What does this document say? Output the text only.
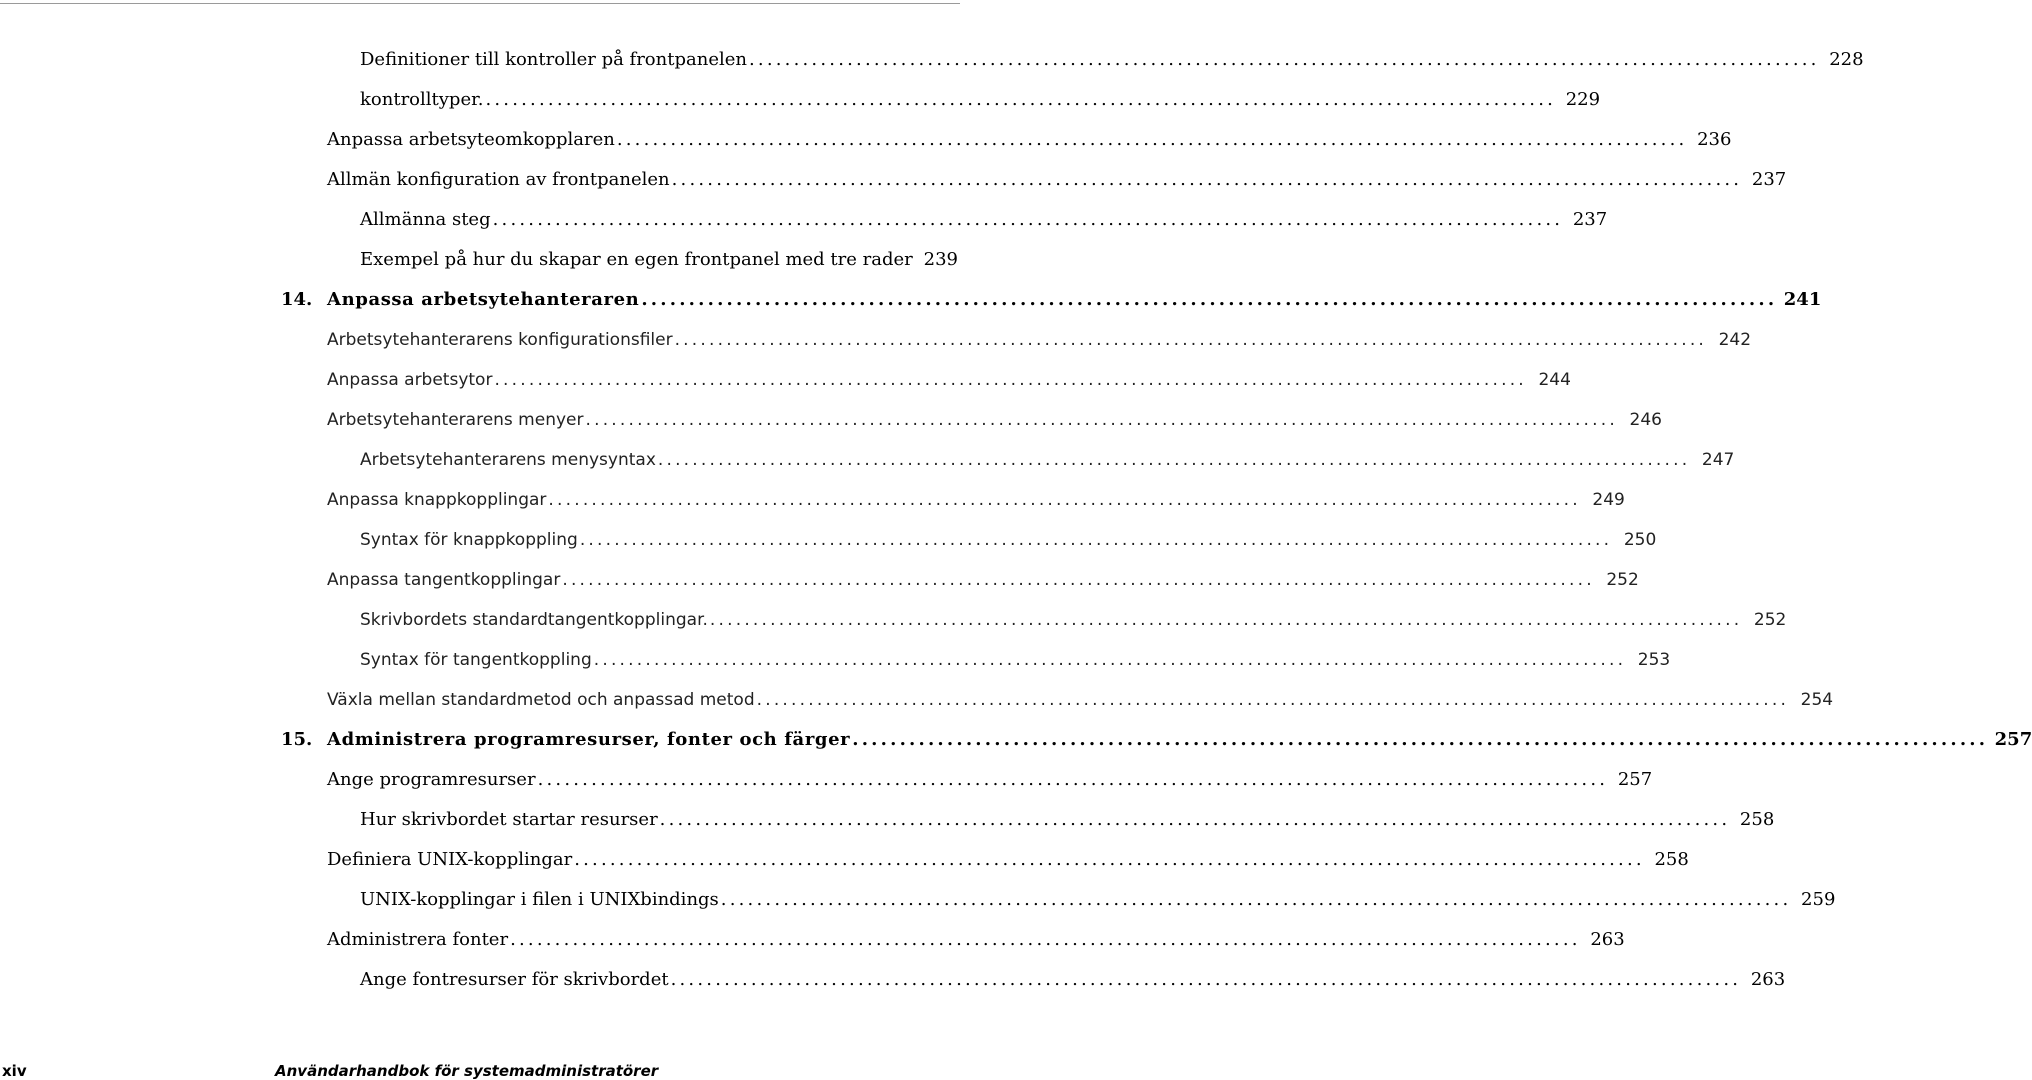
Definitioner till kontroller på frontpanelen ........................................................................................................................ 228
kontrolltyper. ........................................................................................................................ 229
Anpassa arbetsyteomkopplaren ........................................................................................................................ 236
Allmän konfiguration av frontpanelen ........................................................................................................................ 237
Allmänna steg ........................................................................................................................ 237
Exempel på hur du skapar en egen frontpanel med tre rader 239
14. Anpassa arbetsytehanteraren ........................................................................................................................ 241
Arbetsytehanterarens konfigurationsfiler ........................................................................................................................ 242
Anpassa arbetsytor ........................................................................................................................ 244
Arbetsytehanterarens menyer ........................................................................................................................ 246
Arbetsytehanterarens menysyntax ........................................................................................................................ 247
Anpassa knappkopplingar ........................................................................................................................ 249
Syntax för knappkoppling ........................................................................................................................ 250
Anpassa tangentkopplingar ........................................................................................................................ 252
Skrivbordets standardtangentkopplingar. ........................................................................................................................ 252
Syntax för tangentkoppling ........................................................................................................................ 253
Växla mellan standardmetod och anpassad metod ........................................................................................................................ 254
15. Administrera programresurser, fonter och färger ........................................................................................................................ 257
Ange programresurser ........................................................................................................................ 257
Hur skrivbordet startar resurser ........................................................................................................................ 258
Definiera UNIX-kopplingar ........................................................................................................................ 258
UNIX-kopplingar i filen i UNIXbindings ........................................................................................................................ 259
Administrera fonter ........................................................................................................................ 263
Ange fontresurser för skrivbordet ........................................................................................................................ 263
xiv	Användarhandbok för systemadministratörer
